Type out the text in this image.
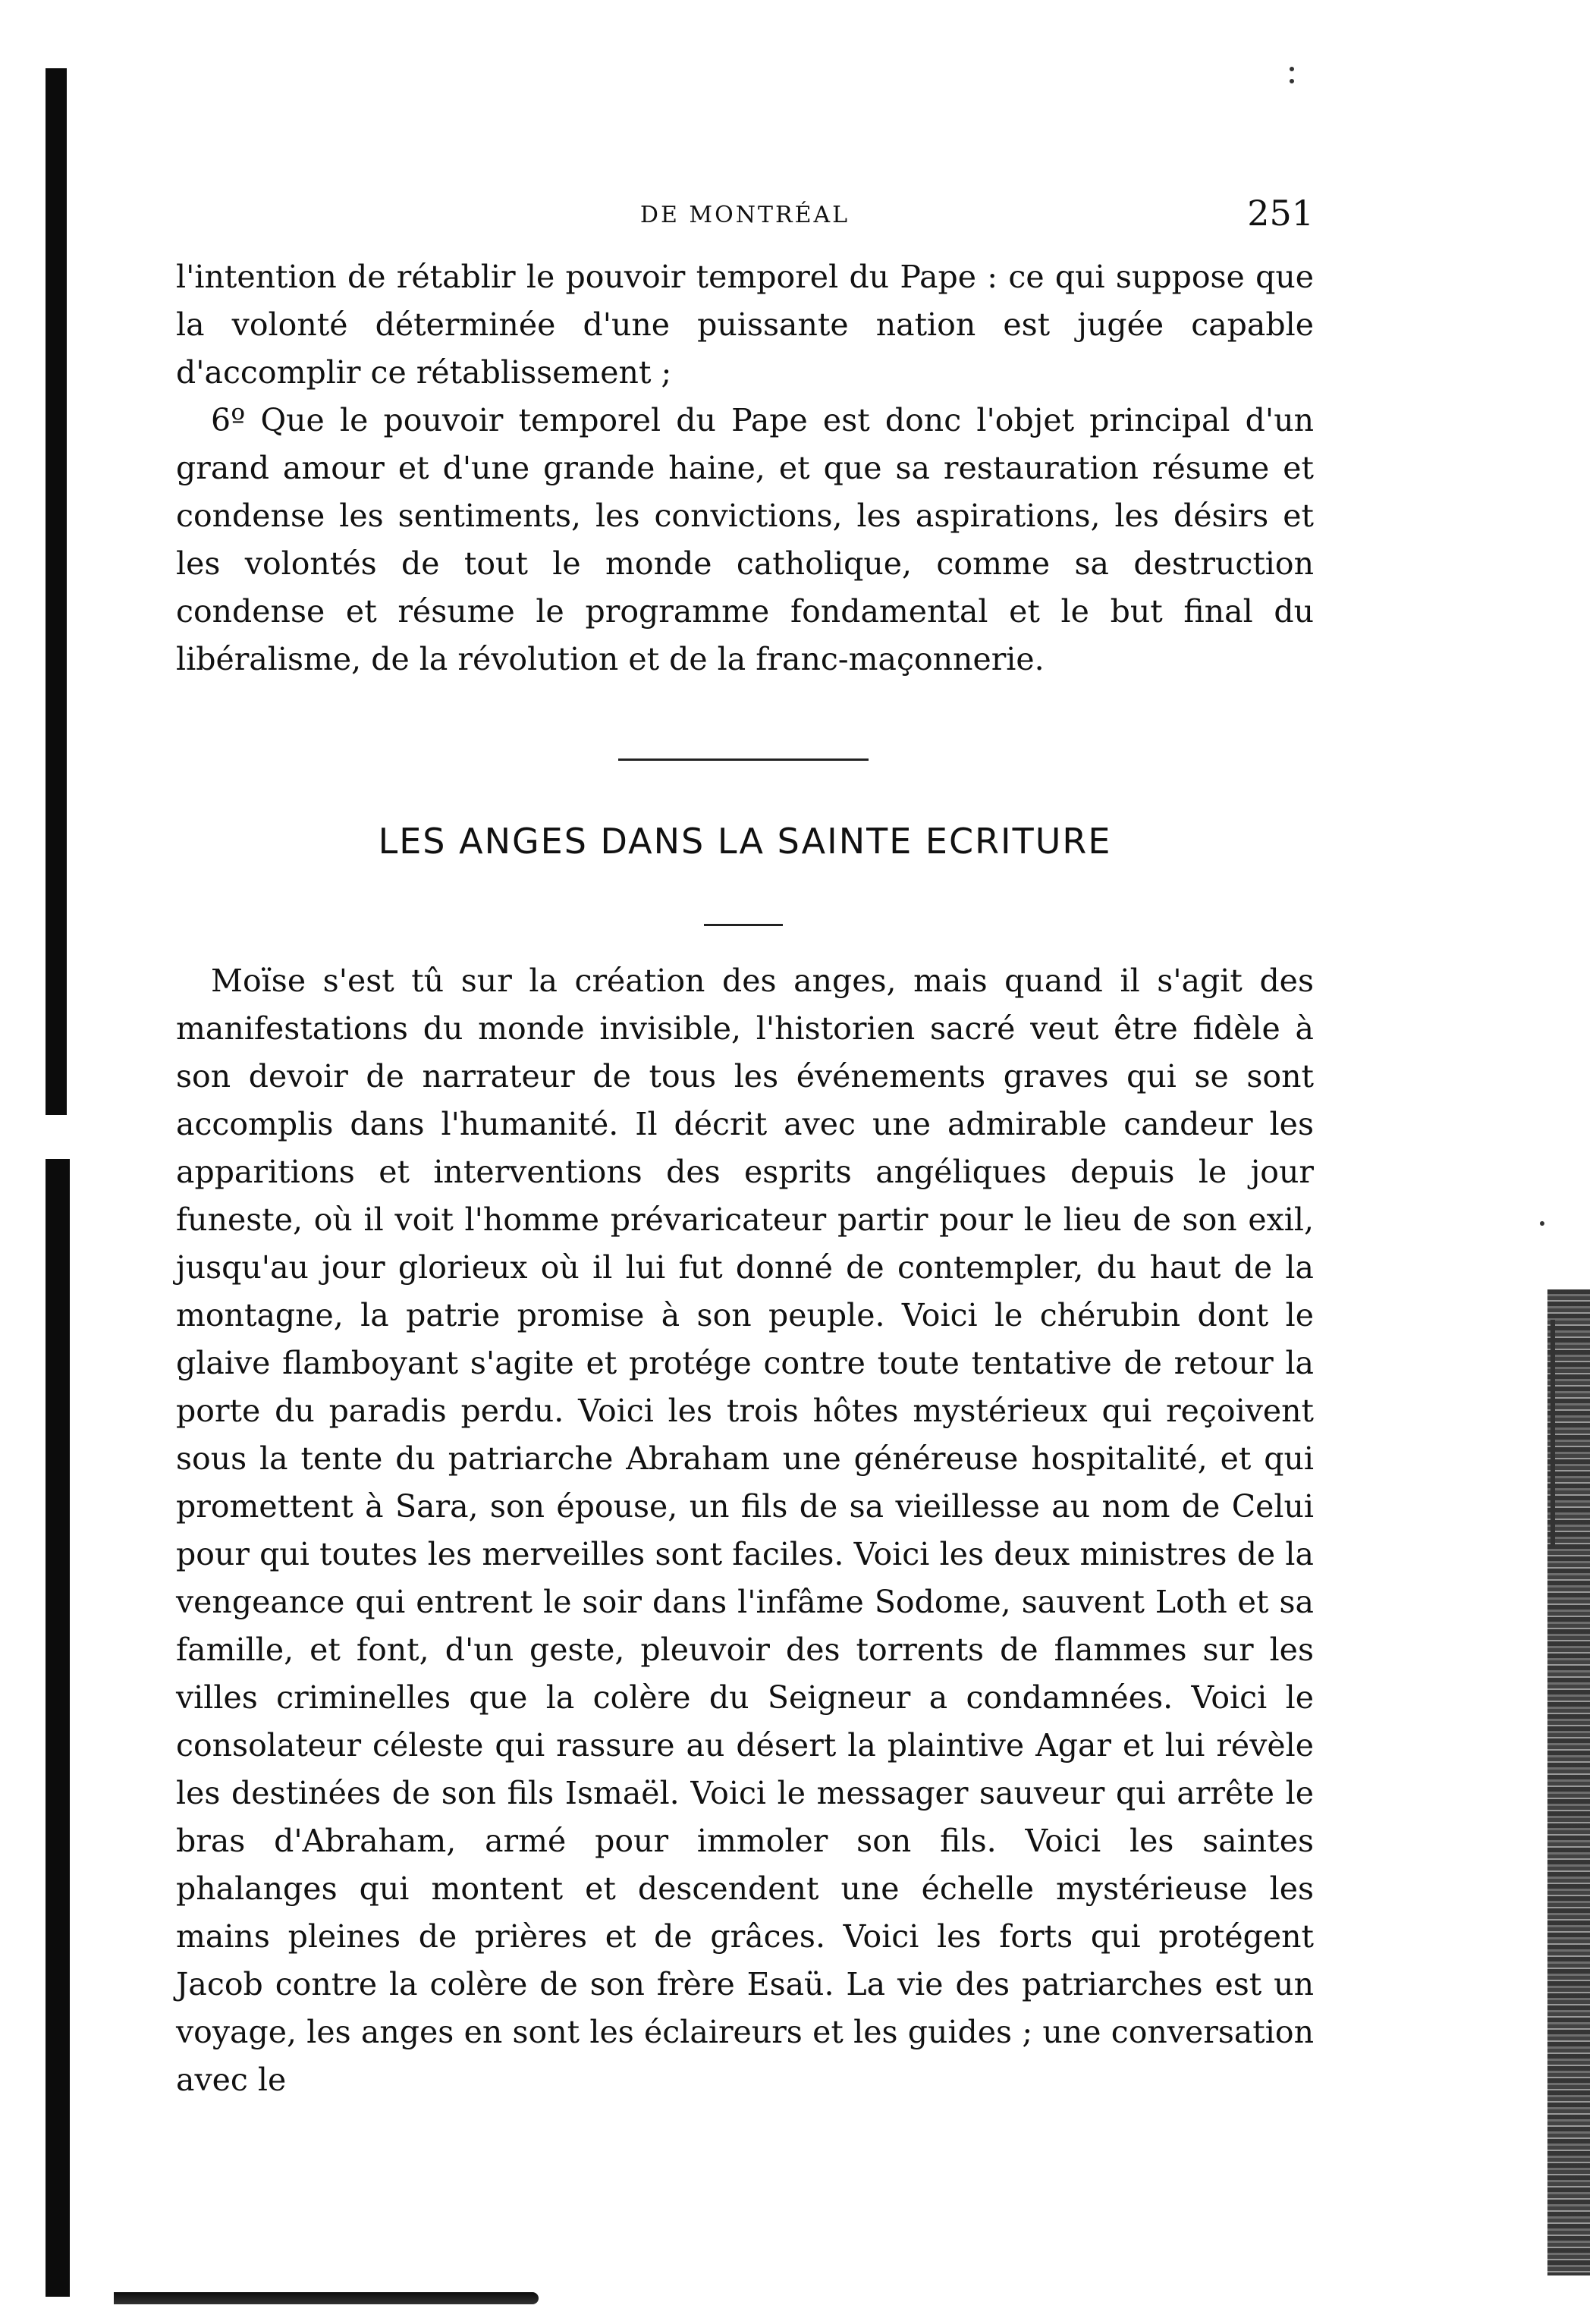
DE MONTRÉAL	251

l'intention de rétablir le pouvoir temporel du Pape : ce qui suppose que la volonté déterminée d'une puissante nation est jugée capable d'accomplir ce rétablissement ;

6º Que le pouvoir temporel du Pape est donc l'objet principal d'un grand amour et d'une grande haine, et que sa restauration résume et condense les sentiments, les convictions, les aspirations, les désirs et les volontés de tout le monde catholique, comme sa destruction condense et résume le programme fondamental et le but final du libéralisme, de la révolution et de la franc-maçonnerie.

LES ANGES DANS LA SAINTE ECRITURE

Moïse s'est tû sur la création des anges, mais quand il s'agit des manifestations du monde invisible, l'historien sacré veut être fidèle à son devoir de narrateur de tous les événements graves qui se sont accomplis dans l'humanité. Il décrit avec une admirable candeur les apparitions et interventions des esprits angéliques depuis le jour funeste, où il voit l'homme prévaricateur partir pour le lieu de son exil, jusqu'au jour glorieux où il lui fut donné de contempler, du haut de la montagne, la patrie promise à son peuple. Voici le chérubin dont le glaive flamboyant s'agite et protége contre toute tentative de retour la porte du paradis perdu. Voici les trois hôtes mystérieux qui reçoivent sous la tente du patriarche Abraham une généreuse hospitalité, et qui promettent à Sara, son épouse, un fils de sa vieillesse au nom de Celui pour qui toutes les merveilles sont faciles. Voici les deux ministres de la vengeance qui entrent le soir dans l'infâme Sodome, sauvent Loth et sa famille, et font, d'un geste, pleuvoir des torrents de flammes sur les villes criminelles que la colère du Seigneur a condamnées. Voici le consolateur céleste qui rassure au désert la plaintive Agar et lui révèle les destinées de son fils Ismaël. Voici le messager sauveur qui arrête le bras d'Abraham, armé pour immoler son fils. Voici les saintes phalanges qui montent et descendent une échelle mystérieuse les mains pleines de prières et de grâces. Voici les forts qui protégent Jacob contre la colère de son frère Esaü. La vie des patriarches est un voyage, les anges en sont les éclaireurs et les guides ; une conversation avec le
